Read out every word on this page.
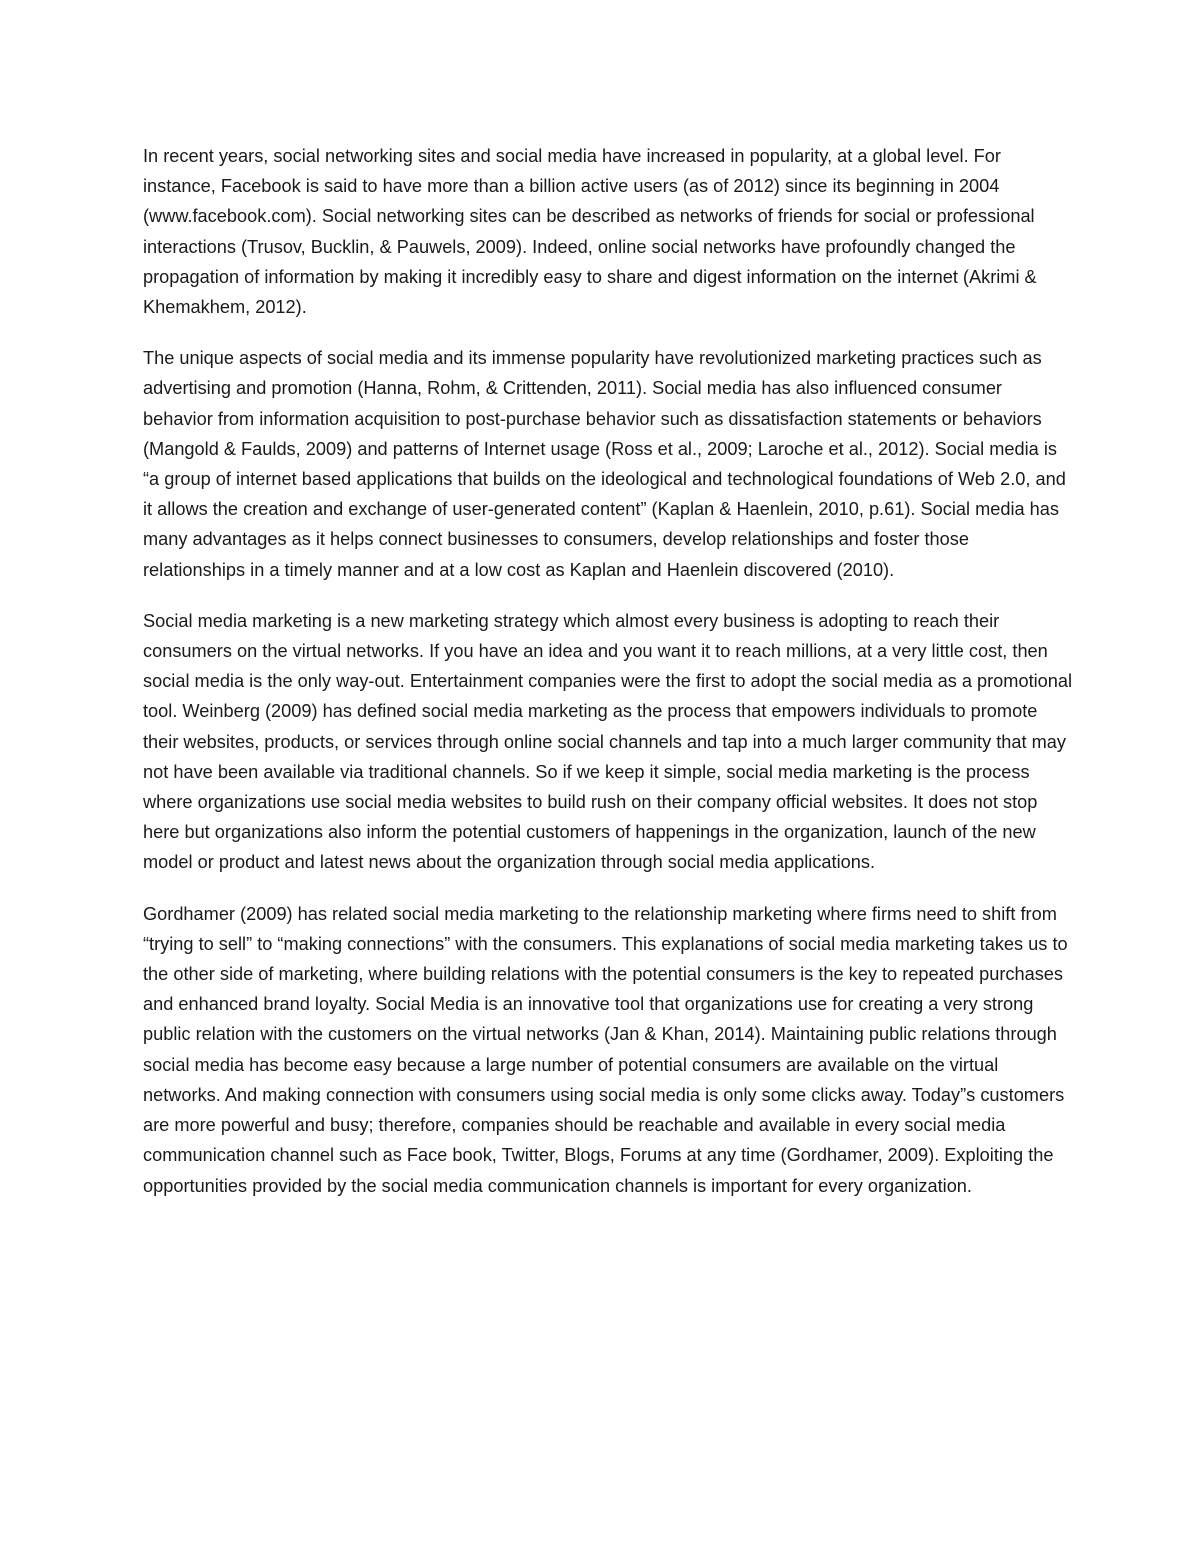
In recent years, social networking sites and social media have increased in popularity, at a global level. For instance, Facebook is said to have more than a billion active users (as of 2012) since its beginning in 2004 (www.facebook.com). Social networking sites can be described as networks of friends for social or professional interactions (Trusov, Bucklin, & Pauwels, 2009). Indeed, online social networks have profoundly changed the propagation of information by making it incredibly easy to share and digest information on the internet (Akrimi & Khemakhem, 2012).

The unique aspects of social media and its immense popularity have revolutionized marketing practices such as advertising and promotion (Hanna, Rohm, & Crittenden, 2011). Social media has also influenced consumer behavior from information acquisition to post-purchase behavior such as dissatisfaction statements or behaviors (Mangold & Faulds, 2009) and patterns of Internet usage (Ross et al., 2009; Laroche et al., 2012). Social media is “a group of internet based applications that builds on the ideological and technological foundations of Web 2.0, and it allows the creation and exchange of user-generated content” (Kaplan & Haenlein, 2010, p.61). Social media has many advantages as it helps connect businesses to consumers, develop relationships and foster those relationships in a timely manner and at a low cost as Kaplan and Haenlein discovered (2010).

Social media marketing is a new marketing strategy which almost every business is adopting to reach their consumers on the virtual networks. If you have an idea and you want it to reach millions, at a very little cost, then social media is the only way-out. Entertainment companies were the first to adopt the social media as a promotional tool. Weinberg (2009) has defined social media marketing as the process that empowers individuals to promote their websites, products, or services through online social channels and tap into a much larger community that may not have been available via traditional channels. So if we keep it simple, social media marketing is the process where organizations use social media websites to build rush on their company official websites. It does not stop here but organizations also inform the potential customers of happenings in the organization, launch of the new model or product and latest news about the organization through social media applications.

Gordhamer (2009) has related social media marketing to the relationship marketing where firms need to shift from “trying to sell” to “making connections” with the consumers. This explanations of social media marketing takes us to the other side of marketing, where building relations with the potential consumers is the key to repeated purchases and enhanced brand loyalty. Social Media is an innovative tool that organizations use for creating a very strong public relation with the customers on the virtual networks (Jan & Khan, 2014). Maintaining public relations through social media has become easy because a large number of potential consumers are available on the virtual networks. And making connection with consumers using social media is only some clicks away. Today”s customers are more powerful and busy; therefore, companies should be reachable and available in every social media communication channel such as Face book, Twitter, Blogs, Forums at any time (Gordhamer, 2009). Exploiting the opportunities provided by the social media communication channels is important for every organization.
